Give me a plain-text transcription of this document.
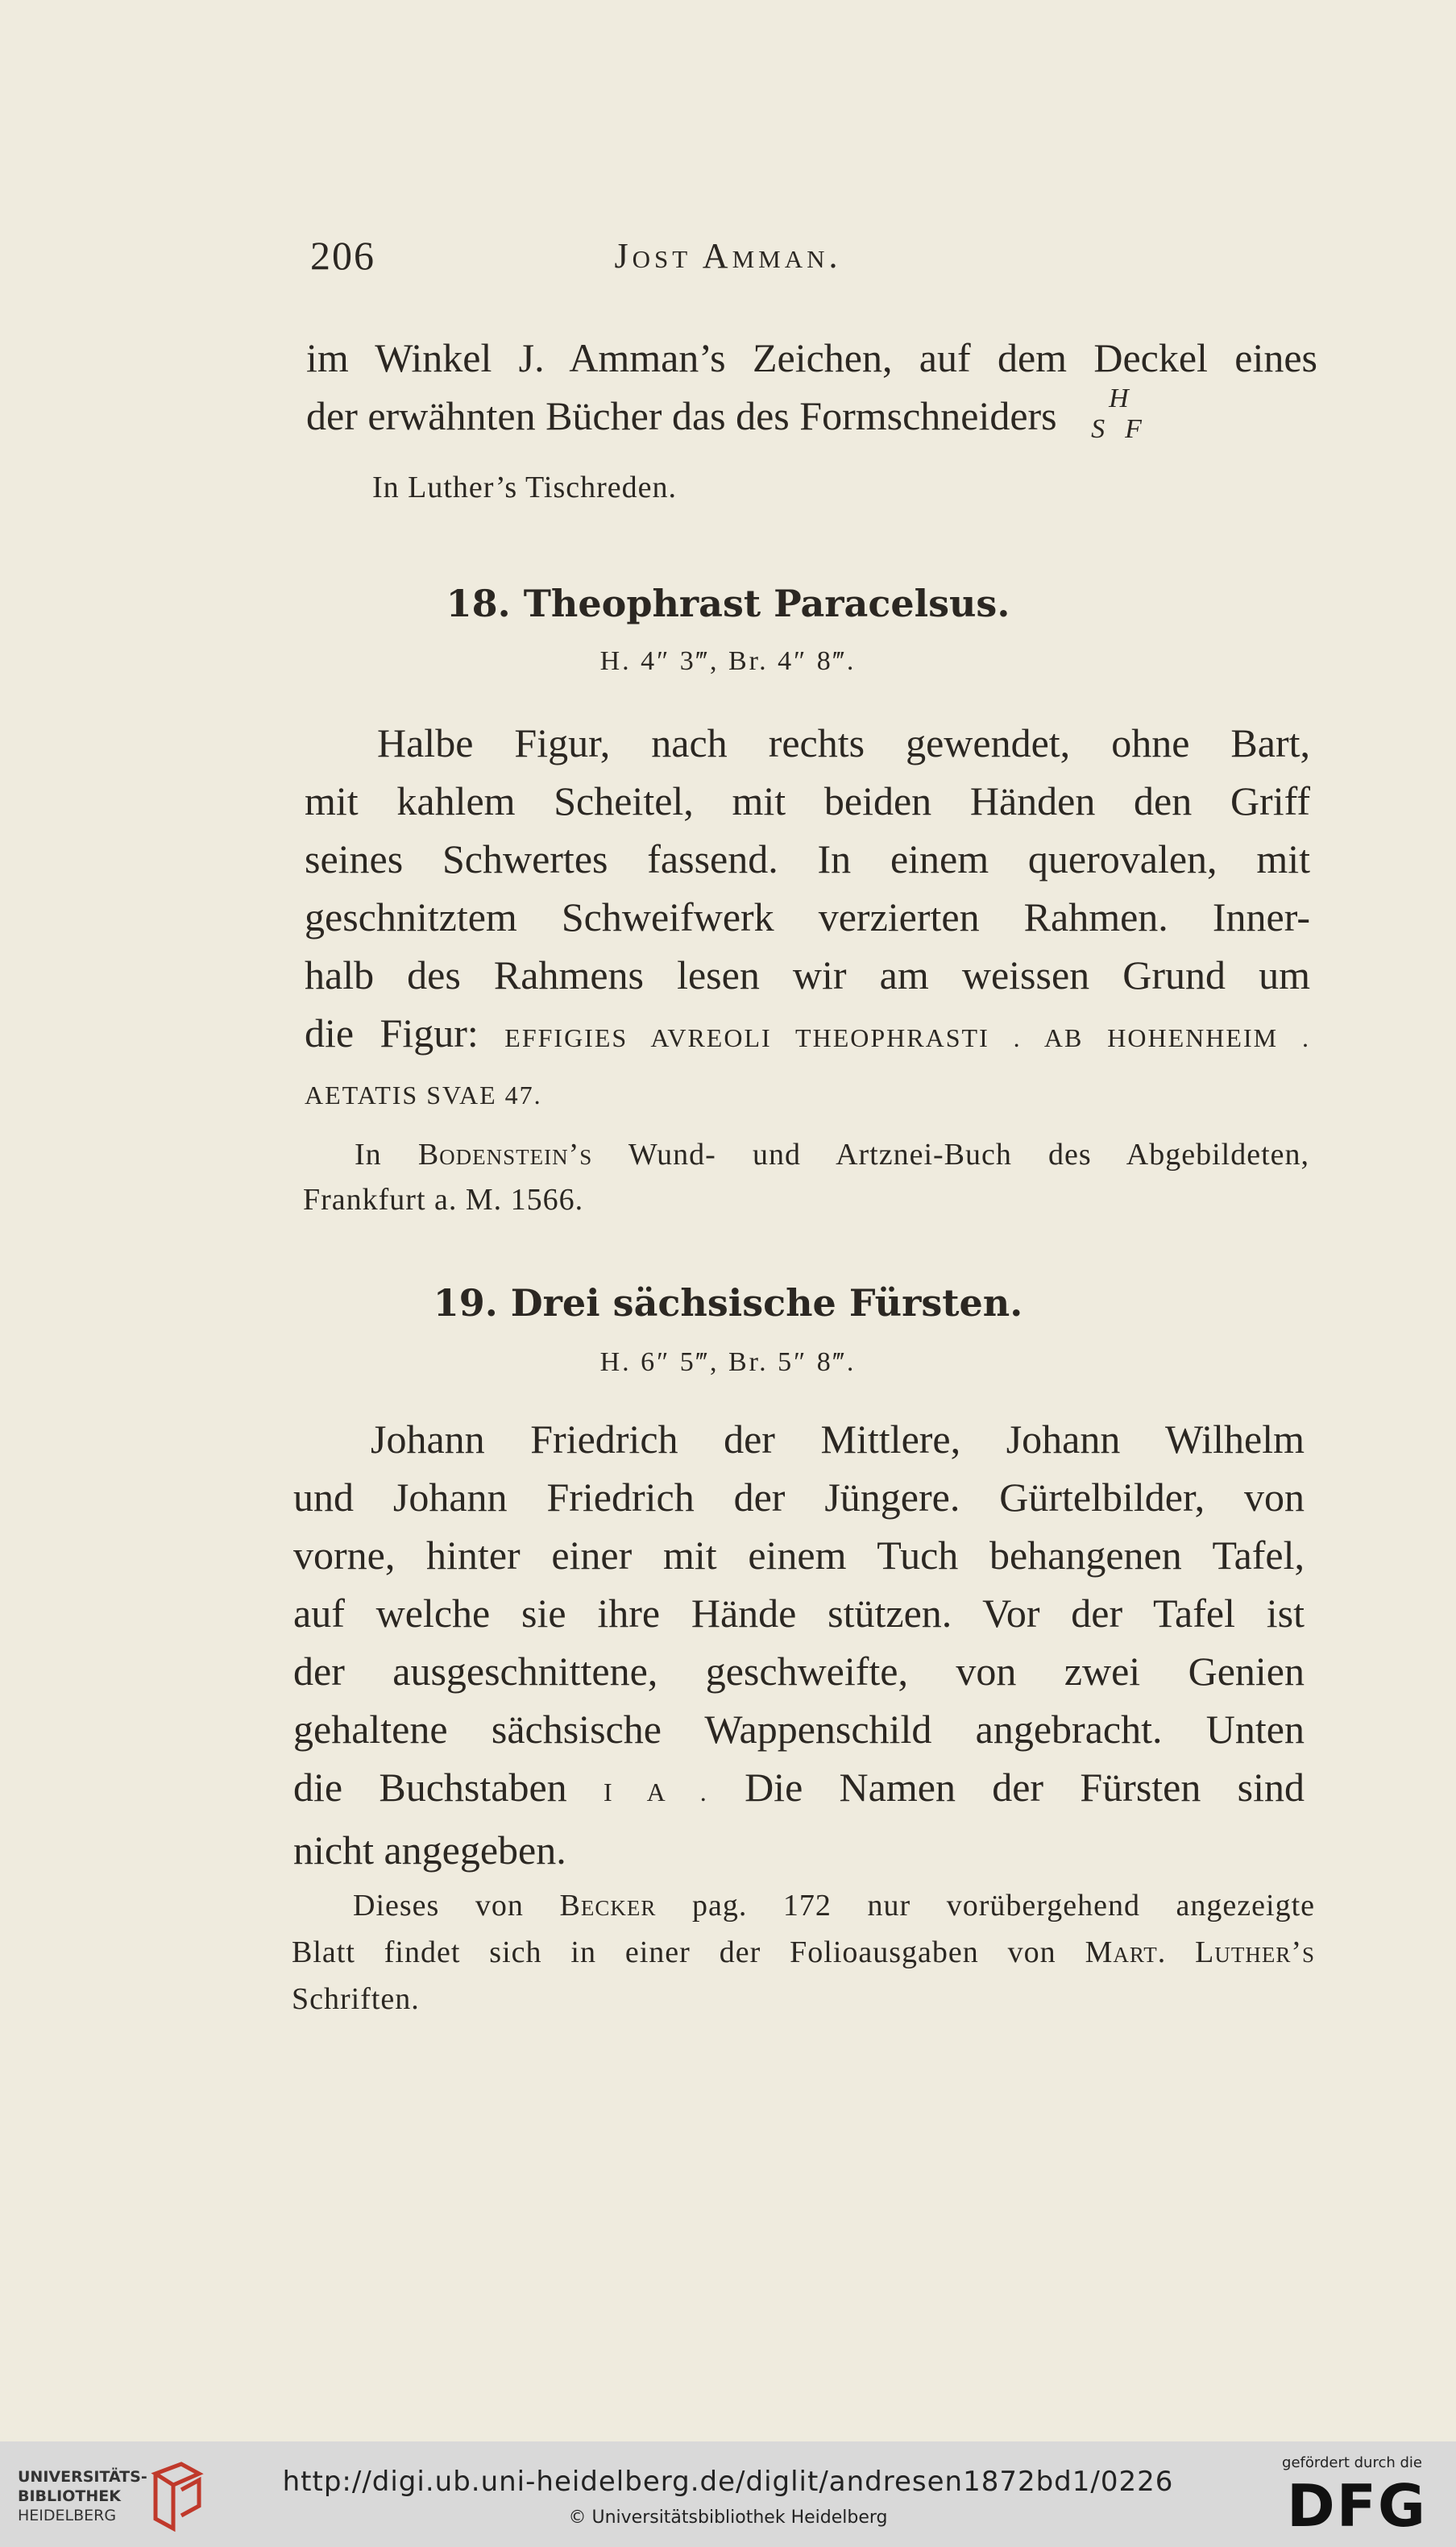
206	Jost Amman.
im Winkel J. Amman’s Zeichen, auf dem Deckel eines
der erwähnten Bücher das des Formschneiders H
S F
In Luther’s Tischreden.
18. Theophrast Paracelsus.
H. 4″ 3‴, Br. 4″ 8‴.
Halbe Figur, nach rechts gewendet, ohne Bart,
mit kahlem Scheitel, mit beiden Händen den Griff
seines Schwertes fassend. In einem querovalen, mit
geschnitztem Schweifwerk verzierten Rahmen. Inner-
halb des Rahmens lesen wir am weissen Grund um
die Figur: EFFIGIES AVREOLI THEOPHRASTI . AB HOHENHEIM .
AETATIS SVAE 47.
In Bodenstein’s Wund- und Artznei-Buch des Abgebildeten,
Frankfurt a. M. 1566.
19. Drei sächsische Fürsten.
H. 6″ 5‴, Br. 5″ 8‴.
Johann Friedrich der Mittlere, Johann Wilhelm
und Johann Friedrich der Jüngere. Gürtelbilder, von
vorne, hinter einer mit einem Tuch behangenen Tafel,
auf welche sie ihre Hände stützen. Vor der Tafel ist
der ausgeschnittene, geschweifte, von zwei Genien
gehaltene sächsische Wappenschild angebracht. Unten
die Buchstaben I A . Die Namen der Fürsten sind
nicht angegeben.
Dieses von Becker pag. 172 nur vorübergehend angezeigte
Blatt findet sich in einer der Folioausgaben von Mart. Luther’s
Schriften.
UNIVERSITÄTS-
BIBLIOTHEK
HEIDELBERG
http://digi.ub.uni-heidelberg.de/diglit/andresen1872bd1/0226
© Universitätsbibliothek Heidelberg
gefördert durch die
DFG
